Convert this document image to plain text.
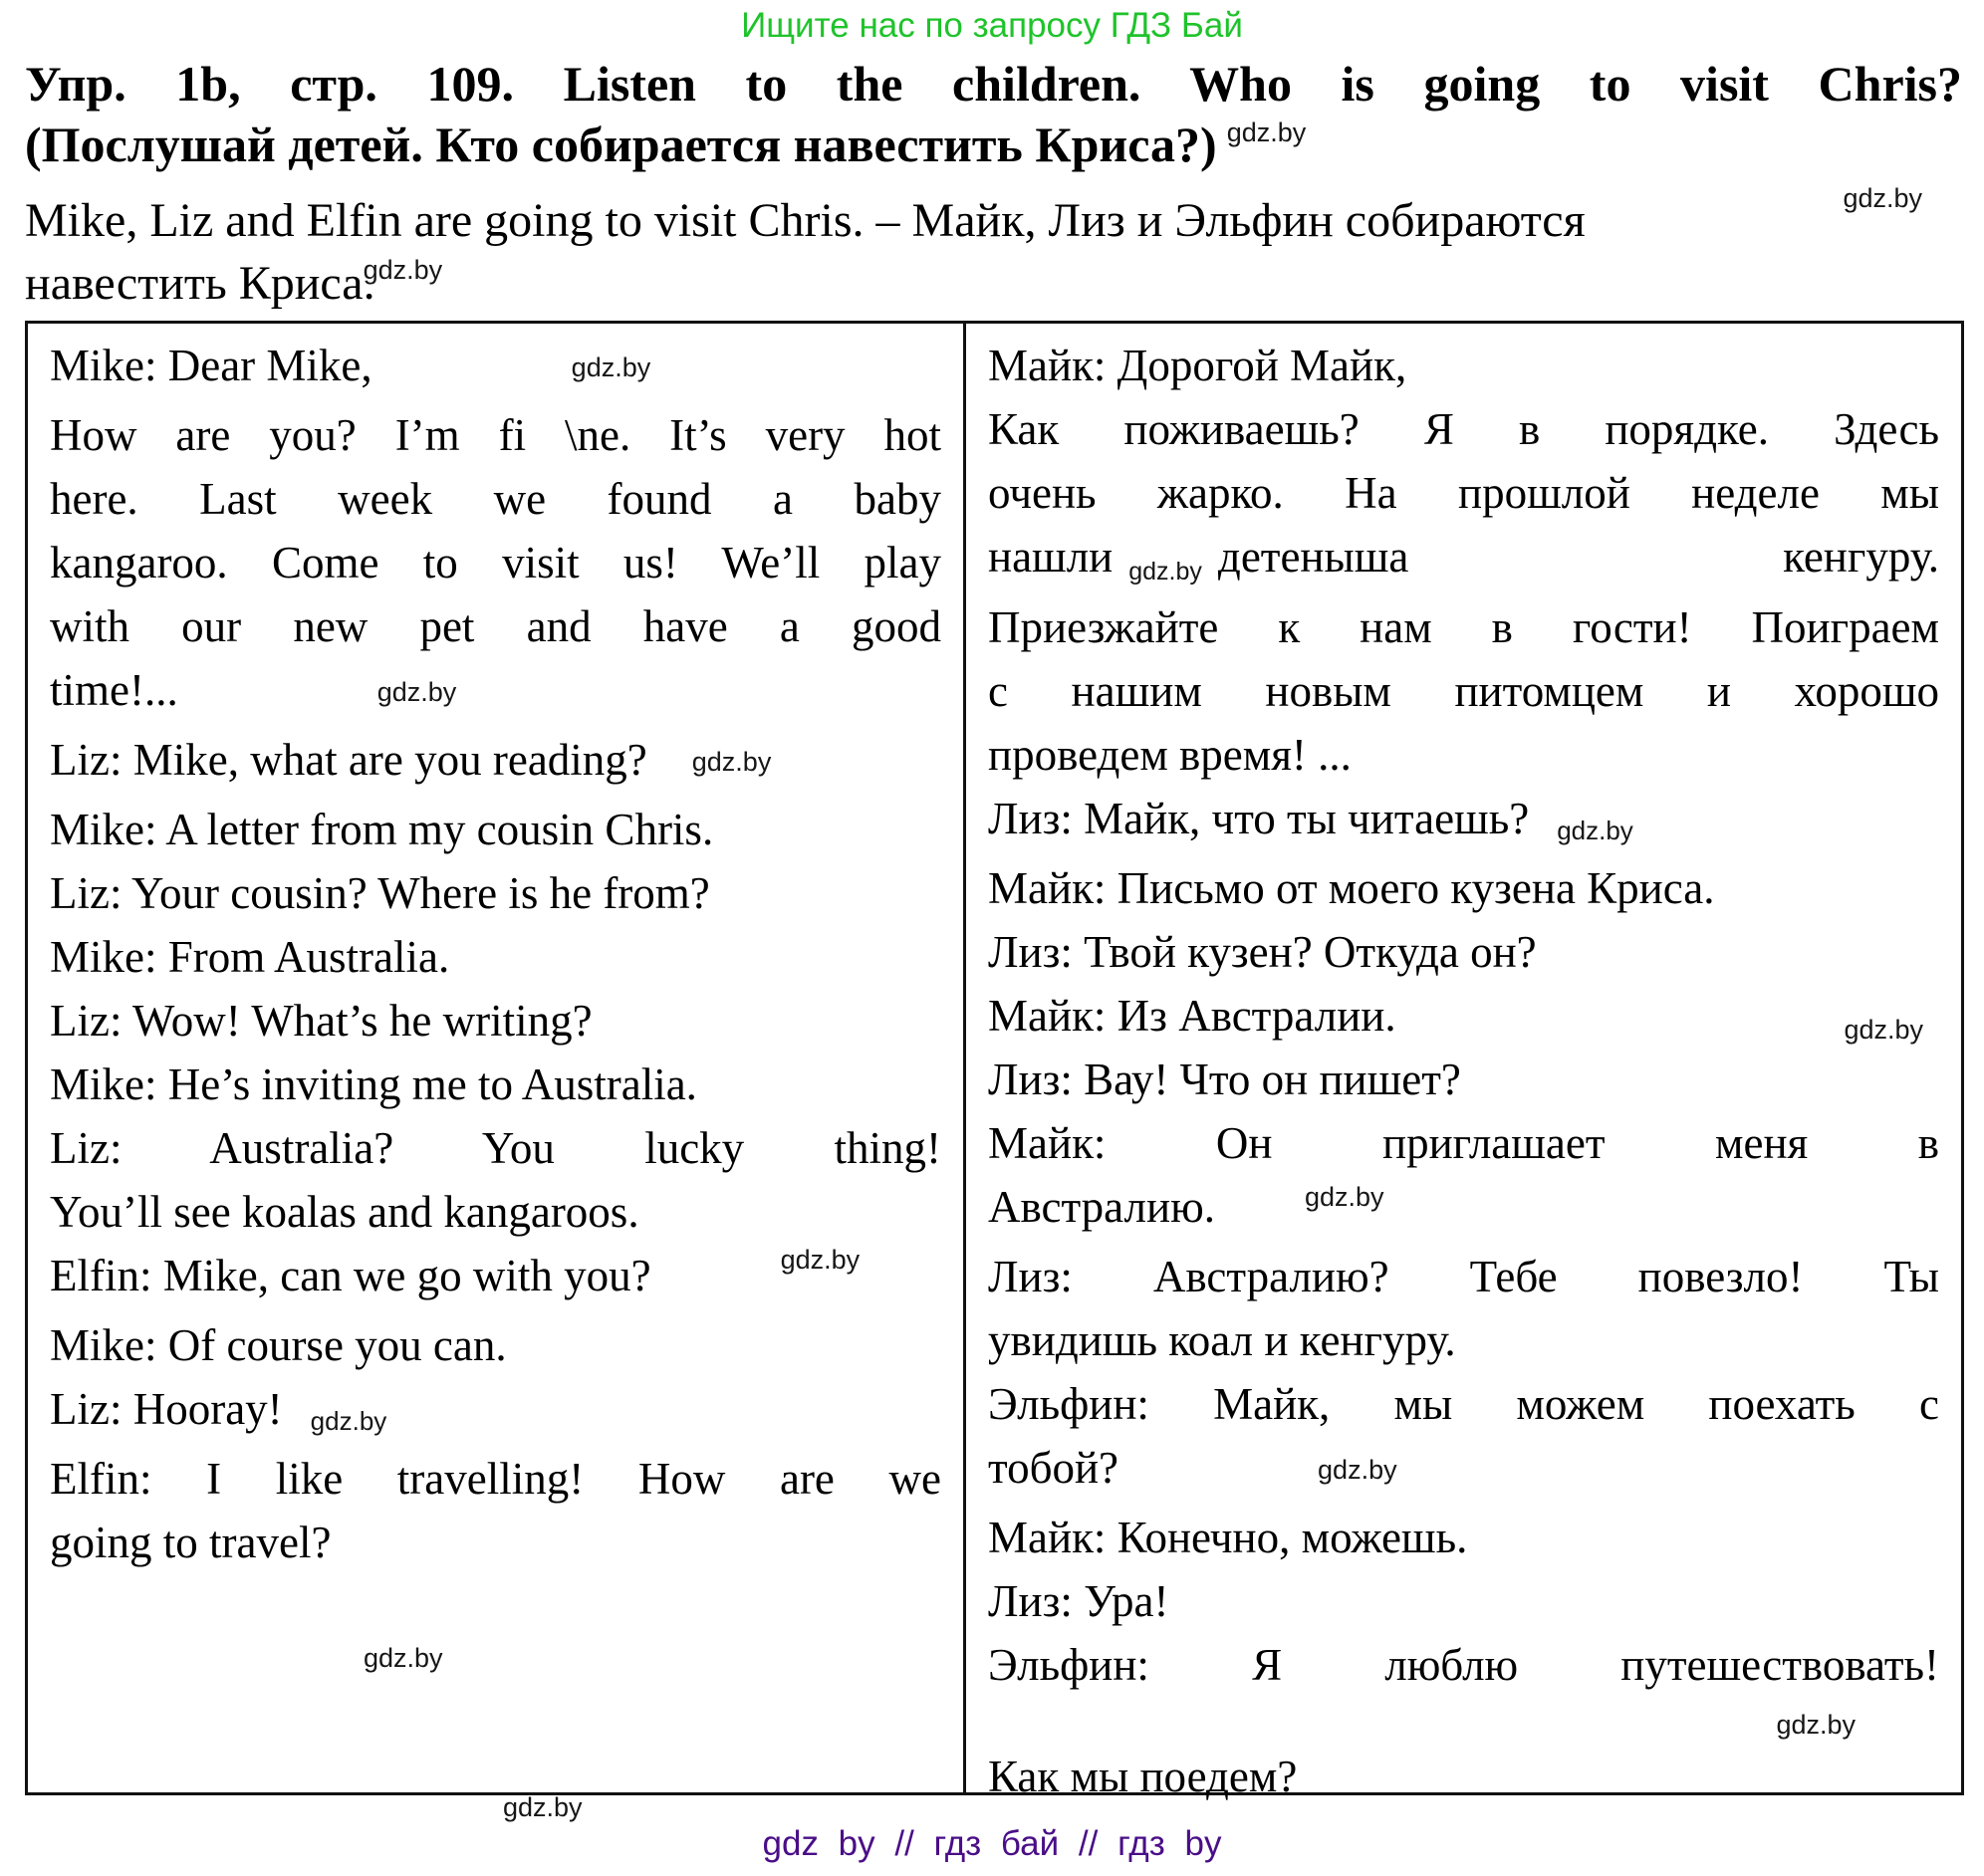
Ищите нас по запросу ГДЗ Бай
Упр. 1b, стр. 109. Listen to the children. Who is going to visit Chris?
(Послушай детей. Кто собирается навестить Криса?) $^{gdz.by}$
gdz.by
Mike, Liz and Elfin are going to visit Chris. – Майк, Лиз и Эльфин собираются
навестить Криса.$^{gdz.by}$
Mike: Dear Mike,	gdz.by
How are you? I’m fi \ne. It’s very hot
here. Last week we found a baby
kangaroo. Come to visit us! We’ll play
with our new pet and have a good
time!...	gdz.by
Liz: Mike, what are you reading? gdz.by
Mike: A letter from my cousin Chris.
Liz: Your cousin? Where is he from?
Mike: From Australia.
Liz: Wow! What’s he writing?
Mike: He’s inviting me to Australia.
Liz: Australia? You lucky thing!
You’ll see koalas and kangaroos.
Elfin: Mike, can we go with you?	$^{gdz.by}$
Mike: Of course you can.
Liz: Hooray! gdz.by
Elfin: I like travelling! How are we
going to travel?
gdz.by
gdz.by
Майк: Дорогой Майк,
Как поживаешь? Я в порядке. Здесь
очень жарко. На прошлой неделе мы
нашли gdz.by детеныша кенгуру.
Приезжайте к нам в гости! Поиграем
с нашим новым питомцем и хорошо
проведем время! ...
Лиз: Майк, что ты читаешь? gdz.by
Майк: Письмо от моего кузена Криса.
Лиз: Твой кузен? Откуда он?
Майк: Из Австралии.	gdz.by
Лиз: Вау! Что он пишет?
Майк: Он приглашает меня в
Австралию.	$^{gdz.by}$
Лиз: Австралию? Тебе повезло! Ты
увидишь коал и кенгуру.
Эльфин: Майк, мы можем поехать с
тобой?	gdz.by
Майк: Конечно, можешь.
Лиз: Ура!
Эльфин: Я люблю путешествовать!
gdz.by
Как мы поедем?
gdz by // гдз бай // гдз by
